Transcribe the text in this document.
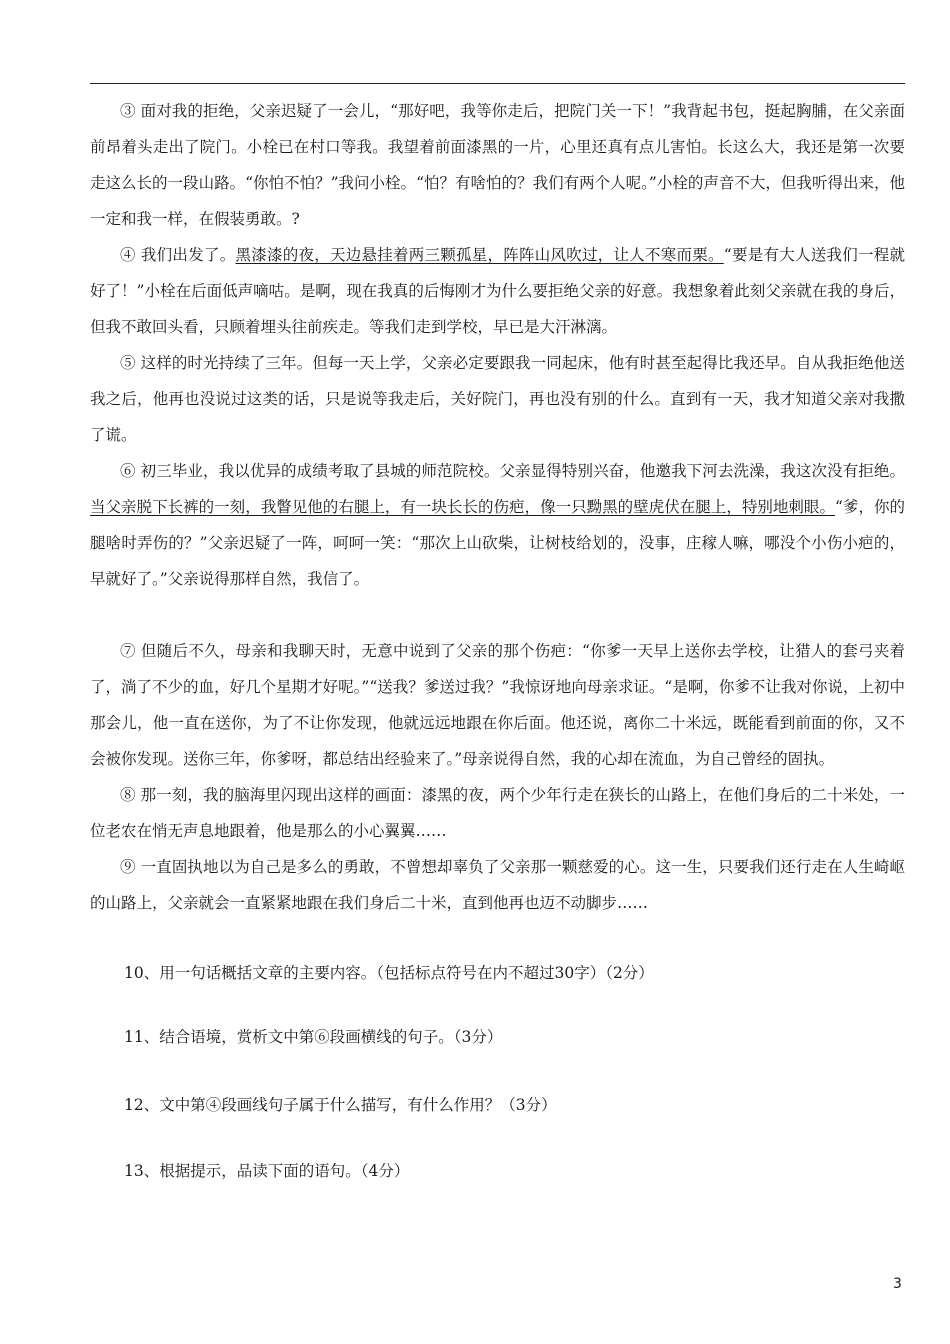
③ 面对我的拒绝，父亲迟疑了一会儿，“那好吧，我等你走后，把院门关一下！”我背起书包，挺起胸脯，在父亲面前昂着头走出了院门。小栓已在村口等我。我望着前面漆黑的一片，心里还真有点儿害怕。长这么大，我还是第一次要走这么长的一段山路。“你怕不怕？”我问小栓。“怕？有啥怕的？我们有两个人呢。”小栓的声音不大，但我听得出来，他一定和我一样，在假装勇敢。?
④ 我们出发了。黑漆漆的夜，天边悬挂着两三颗孤星，阵阵山风吹过，让人不寒而栗。“要是有大人送我们一程就好了！”小栓在后面低声嘀咕。是啊，现在我真的后悔刚才为什么要拒绝父亲的好意。我想象着此刻父亲就在我的身后，但我不敢回头看，只顾着埋头往前疾走。等我们走到学校，早已是大汗淋漓。
⑤ 这样的时光持续了三年。但每一天上学，父亲必定要跟我一同起床，他有时甚至起得比我还早。自从我拒绝他送我之后，他再也没说过这类的话，只是说等我走后，关好院门，再也没有别的什么。直到有一天，我才知道父亲对我撒了谎。
⑥ 初三毕业，我以优异的成绩考取了县城的师范院校。父亲显得特别兴奋，他邀我下河去洗澡，我这次没有拒绝。当父亲脱下长裤的一刻，我瞥见他的右腿上，有一块长长的伤疤，像一只黝黑的壁虎伏在腿上，特别地刺眼。“爹，你的腿啥时弄伤的？”父亲迟疑了一阵，呵呵一笑：“那次上山砍柴，让树枝给划的，没事，庄稼人嘛，哪没个小伤小疤的，早就好了。”父亲说得那样自然，我信了。
⑦ 但随后不久，母亲和我聊天时，无意中说到了父亲的那个伤疤：“你爹一天早上送你去学校，让猎人的套弓夹着了，淌了不少的血，好几个星期才好呢。”“送我？爹送过我？”我惊讶地向母亲求证。“是啊，你爹不让我对你说，上初中那会儿，他一直在送你，为了不让你发现，他就远远地跟在你后面。他还说，离你二十米远，既能看到前面的你，又不会被你发现。送你三年，你爹呀，都总结出经验来了。”母亲说得自然，我的心却在流血，为自己曾经的固执。
⑧ 那一刻，我的脑海里闪现出这样的画面：漆黑的夜，两个少年行走在狭长的山路上，在他们身后的二十米处，一位老农在悄无声息地跟着，他是那么的小心翼翼……
⑨ 一直固执地以为自己是多么的勇敢，不曾想却辜负了父亲那一颗慈爱的心。这一生，只要我们还行走在人生崎岖的山路上，父亲就会一直紧紧地跟在我们身后二十米，直到他再也迈不动脚步……
10、用一句话概括文章的主要内容。（包括标点符号在内不超过30字）（2分）
11、结合语境，赏析文中第⑥段画横线的句子。（3分）
12、文中第④段画线句子属于什么描写，有什么作用？（3分）
13、根据提示，品读下面的语句。（4分）
3
